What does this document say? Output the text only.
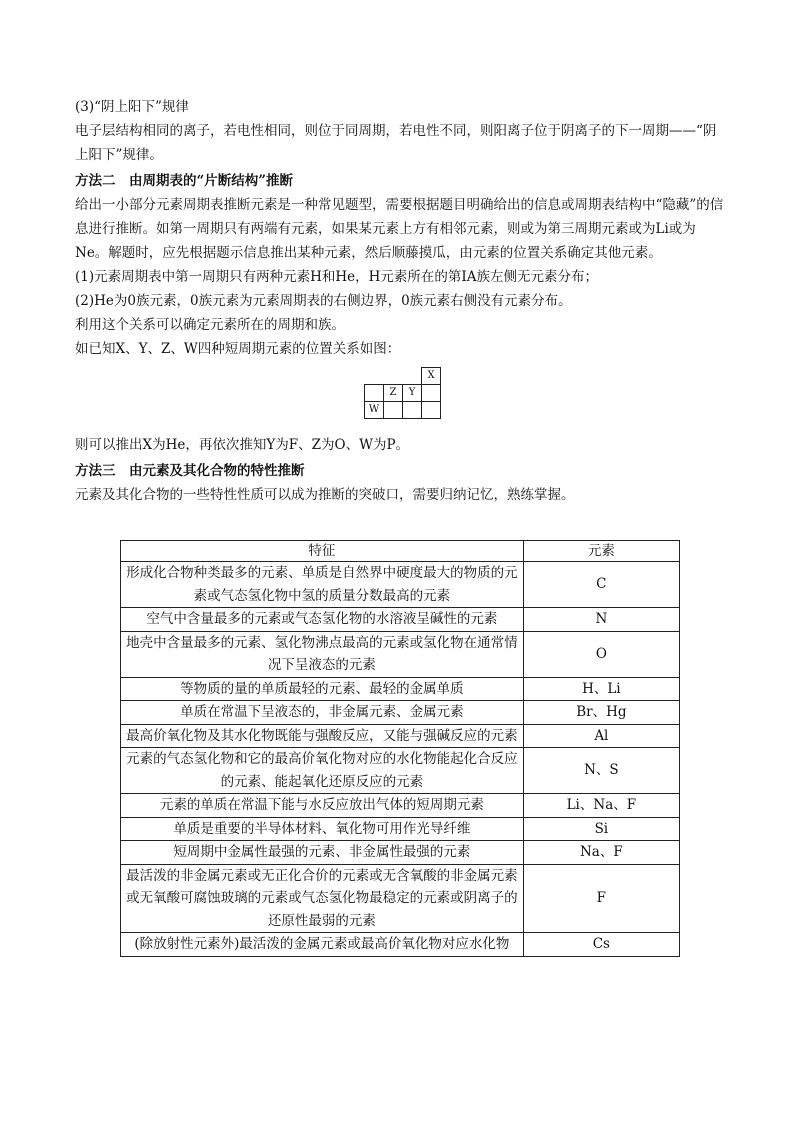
(3)“阴上阳下”规律

电子层结构相同的离子，若电性相同，则位于同周期，若电性不同，则阳离子位于阴离子的下一周期——“阴上阳下”规律。

方法二　由周期表的“片断结构”推断

给出一小部分元素周期表推断元素是一种常见题型，需要根据题目明确给出的信息或周期表结构中“隐藏”的信息进行推断。如第一周期只有两端有元素，如果某元素上方有相邻元素，则或为第三周期元素或为Li或为Ne。解题时，应先根据题示信息推出某种元素，然后顺藤摸瓜，由元素的位置关系确定其他元素。

(1)元素周期表中第一周期只有两种元素H和He，H元素所在的第ⅠA族左侧无元素分布；

(2)He为0族元素，0族元素为元素周期表的右侧边界，0族元素右侧没有元素分布。

利用这个关系可以确定元素所在的周期和族。

如已知X、Y、Z、W四种短周期元素的位置关系如图：

			X
	Z	Y	
W			

则可以推出X为He，再依次推知Y为F、Z为O、W为P。

方法三　由元素及其化合物的特性推断

元素及其化合物的一些特性性质可以成为推断的突破口，需要归纳记忆，熟练掌握。

特征	元素
形成化合物种类最多的元素、单质是自然界中硬度最大的物质的元素或气态氢化物中氢的质量分数最高的元素	C
空气中含量最多的元素或气态氢化物的水溶液呈碱性的元素	N
地壳中含量最多的元素、氢化物沸点最高的元素或氢化物在通常情况下呈液态的元素	O
等物质的量的单质最轻的元素、最轻的金属单质	H、Li
单质在常温下呈液态的，非金属元素、金属元素	Br、Hg
最高价氧化物及其水化物既能与强酸反应，又能与强碱反应的元素	Al
元素的气态氢化物和它的最高价氧化物对应的水化物能起化合反应的元素、能起氧化还原反应的元素	N、S
元素的单质在常温下能与水反应放出气体的短周期元素	Li、Na、F
单质是重要的半导体材料、氧化物可用作光导纤维	Si
短周期中金属性最强的元素、非金属性最强的元素	Na、F
最活泼的非金属元素或无正化合价的元素或无含氧酸的非金属元素或无氧酸可腐蚀玻璃的元素或气态氢化物最稳定的元素或阴离子的还原性最弱的元素	F
(除放射性元素外)最活泼的金属元素或最高价氧化物对应水化物	Cs
